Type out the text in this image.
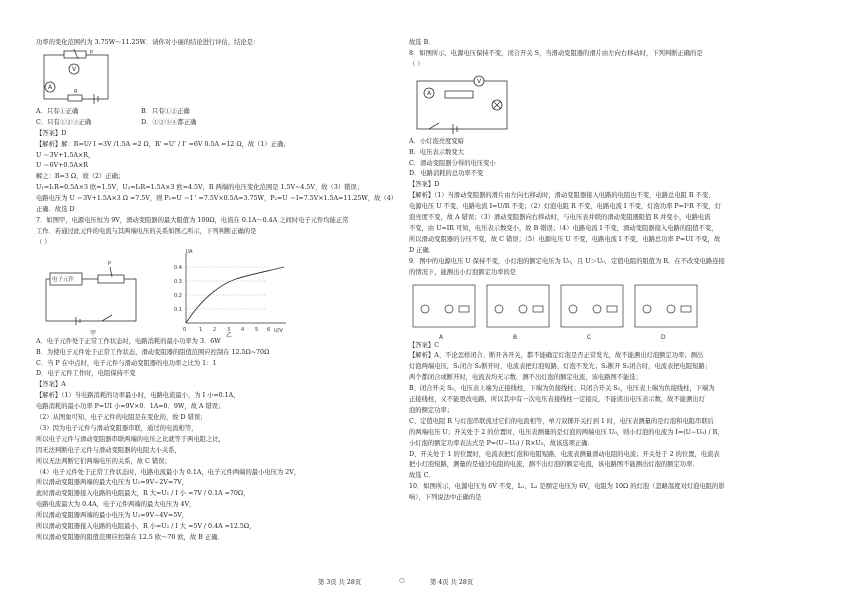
功率的变化范围约为 3.75W～11.25W．请你对小丽的结论进行评估，结论是：

V
A
R
P
A．只有①正确	B．只有①②正确
C．只有①②③正确	D．①②③④都正确

【答案】D

【解析】解：R=U/ I =3V /1.5A =2 Ω，R’ =U’ / I’ =6V 0.5A =12 Ω，故（1）正确；

U ＝3V+1.5A×R，

U ＝6V+0.5A×R

解之：R=3 Ω，故（2）正确；

U₁=I₁R=0.5A×3 欧=1.5V，U₂=I₂R=1.5A×3 欧=4.5V，R 两端的电压变化范围是 1.5V~4.5V，故（3）错误；

电路电压为 U ＝3V+1.5A×3 Ω =7.5V，则 P₁=U ＝I ’ =7.5V×0.5A=3.75W，P₂=U ＝I=7.5V×1.5A=11.25W，故（4）

正确．故选 D

7．如图甲，电源电压恒为 9V，滑动变阻器的最大阻值为 100Ω，电流在 0.1A～0.4A 之间时电子元件均能正常

工作．若通过此元件的电流与其两端电压的关系如图乙所示，下列判断正确的是

（ ）

电子元件
P
甲
I/A
U/V
0.4
0.3
0.2
0.1
0	1 2 3 4 5 6
乙

A．电子元件处于正常工作状态时，电路消耗的最小功率为 3．6W

B．为使电子元件处于正常工作状态，滑动变阻器的阻值范围应控制在 12.5Ω~70Ω

C．当 P 在中点时，电子元件与滑动变阻器的电功率之比为 1：1

D．电子元件工作时，电阻保持不变

【答案】A

【解析】（1）当电路消耗的功率最小时，电路电流最小，为 I 小=0.1A，

电路消耗的最小功率 P=UI 小=9V×0．1A=0．9W，故 A 错误；

（2）从图象可知，电子元件的电阻是在变化的，故 D 错误；

（3）因为电子元件与滑动变阻器串联，通过的电流相等，

所以电子元件与滑动变阻器串联两端的电压之比就等于两电阻之比，

因无法判断电子元件与滑动变阻器的电阻大小关系，

所以无法判断它们两端电压的关系，故 C 错误；

（4）电子元件处于正常工作状态时，电路电流最小为 0.1A，电子元件两端的最小电压为 2V，

所以滑动变阻器两端的最大电压为 U₁=9V−2V=7V，

此时滑动变阻器接入电路的电阻最大，R 大=U₁ / I 小 =7V / 0.1A =70Ω，

电路电流最大为 0.4A，电子元件两端的最大电压为 4V，

所以滑动变阻器两端的最小电压为 U₂=9V−4V=5V，

所以滑动变阻器接入电路的电阻最小，R 小=U₂ / I 大 =5V / 0.4A =12.5Ω，

所以滑动变阻器的阻值范围应控制在 12.5 欧～70 欧，故 B 正确．

故选 B．

8．如图所示，电源电压保持不变，闭合开关 S，当滑动变阻器的滑片由左向右移动时，下列判断正确的是

（ ）

A
V

A．小灯泡亮度变暗

B．电压表示数变大

C．滑动变阻器分得的电压变小

D．电路消耗的总功率不变

【答案】D

【解析】（1）当滑动变阻器的滑片由左向右移动时，滑动变阻器接入电路的电阻也不变，电路总电阻 R 不变，

电源电压 U 不变，电路电流 I=U/R 不变；（2）灯泡电阻 R 不变，电路电流 I 不变，灯泡功率 P=I²R 不变，灯

泡亮度不变，故 A 错误；（3）滑动变阻器向右移动时，与电压表并联的滑动变阻器阻值 R 并变小，电路电流

不变，由 U=IR 可知，电压表示数变小，故 B 错误；（4）电路电流 I 不变，滑动变阻器接入电路的阻值不变，

所以滑动变阻器的分压不变，故 C 错误；（5）电源电压 U 不变，电路电流 I 不变，电路总功率 P=UI 不变，故

D 正确．

9．图中的电源电压 U 保持不变，小灯泡的额定电压为 U₀，且 U＞U₀，定值电阻的阻值为 R．在不改变电路连接

的情况下，能测出小灯泡额定功率的是

A	B	C	D

【答案】C

【解析】A、不论怎样闭合、断开各开关，都不能确定灯泡是否正常发光，故不能测出灯泡额定功率；测出

灯泡两端电压，S₁闭合 S₂断开时，电流表把灯泡短路，灯泡不发光；S₂断开 S₁闭合时，电流表把电阻短路；

两个都闭合或断开时，电流表均无示数．测不出灯泡的额定电流，该电路图不能选；

B、闭合开关 S₂，电压表上端为正接线柱，下端为负接线柱；只闭合开关 S₁，电压表上端为负接线柱，下端为

正接线柱，又不能更改电路，所以其中有一次电压表接线柱一定接反，不能读出电压表示数，故不能测出灯

泡的额定功率；

C、定值电阻 R 与灯泡串联流过它们的电流相等，单刀双掷开关打到 1 时，电压表测量的是灯泡和电阻串联后

的两端电压 U；开关处于 2 的位置时，电压表测量的是灯泡的两端电压 U₀，则小灯泡的电流为 I=(U−U₀) / R，

小灯泡的额定功率表达式是 P=(U−U₀) / R×U₀，故该选项正确．

D、开关处于 1 的位置时，电流表把灯泡和电阻短路，电流表测量滑动电阻的电流；开关处于 2 的位置，电流表

把小灯泡短路，测量的是通过电阻的电流，测不出灯泡的额定电流，该电路图不能测出灯泡的额定功率．

故选 C．

10．如图所示，电源电压为 6V 不变，L₁、L₂ 是额定电压为 6V，电阻为 10Ω 的灯泡（忽略温度对灯泡电阻的影

响），下列说法中正确的是

第 3页 共 28页	○	第 4页 共 28页
